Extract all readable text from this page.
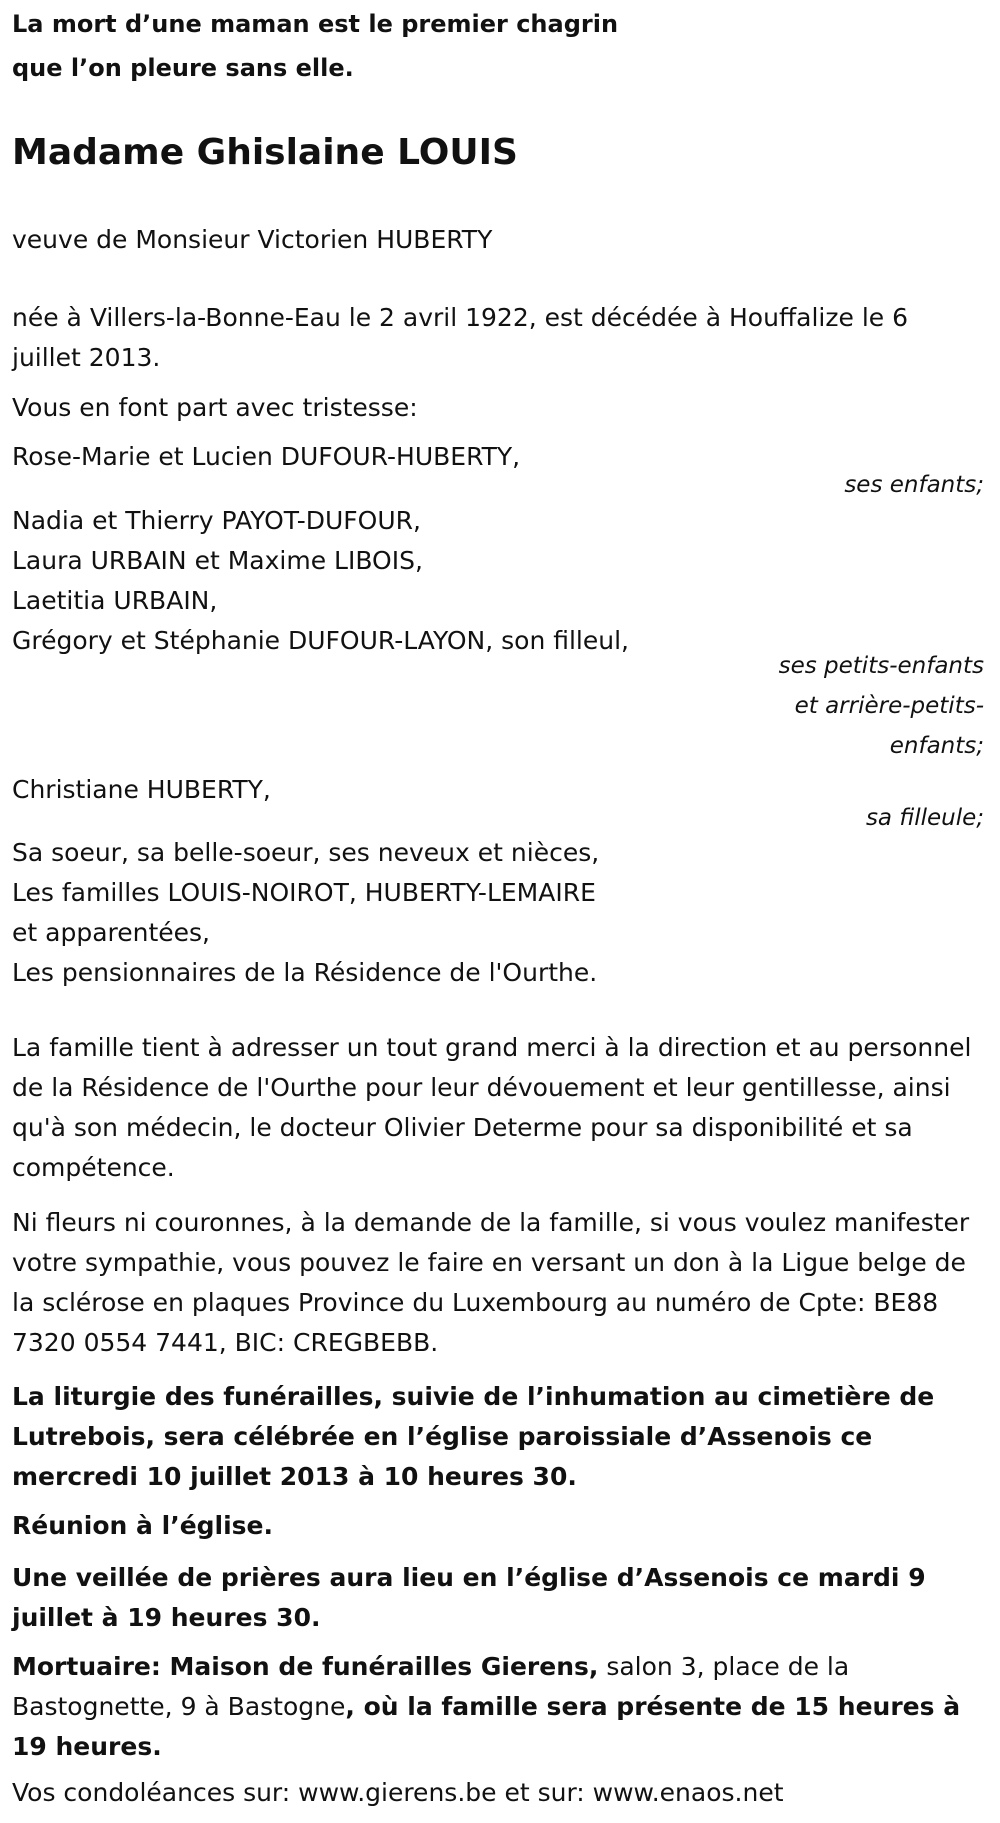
La mort d’une maman est le premier chagrin

que l’on pleure sans elle.

Madame Ghislaine LOUIS

veuve de Monsieur Victorien HUBERTY

née à Villers-la-Bonne-Eau le 2 avril 1922, est décédée à Houffalize le 6 juillet 2013.

Vous en font part avec tristesse:

Rose-Marie et Lucien DUFOUR-HUBERTY,

ses enfants;

Nadia et Thierry PAYOT-DUFOUR,

Laura URBAIN et Maxime LIBOIS,

Laetitia URBAIN,

Grégory et Stéphanie DUFOUR-LAYON, son filleul,

ses petits-enfants

et arrière-petits-

enfants;

Christiane HUBERTY,

sa filleule;

Sa soeur, sa belle-soeur, ses neveux et nièces,

Les familles LOUIS-NOIROT, HUBERTY-LEMAIRE

et apparentées,

Les pensionnaires de la Résidence de l'Ourthe.

La famille tient à adresser un tout grand merci à la direction et au personnel de la Résidence de l'Ourthe pour leur dévouement et leur gentillesse, ainsi qu'à son médecin, le docteur Olivier Determe pour sa disponibilité et sa compétence.

Ni fleurs ni couronnes, à la demande de la famille, si vous voulez manifester votre sympathie, vous pouvez le faire en versant un don à la Ligue belge de la sclérose en plaques Province du Luxembourg au numéro de Cpte: BE88 7320 0554 7441, BIC: CREGBEBB.

La liturgie des funérailles, suivie de l’inhumation au cimetière de Lutrebois, sera célébrée en l’église paroissiale d’Assenois ce mercredi 10 juillet 2013 à 10 heures 30.

Réunion à l’église.

Une veillée de prières aura lieu en l’église d’Assenois ce mardi 9 juillet à 19 heures 30.

Mortuaire: Maison de funérailles Gierens, salon 3, place de la Bastognette, 9 à Bastogne, où la famille sera présente de 15 heures à 19 heures.

Vos condoléances sur: www.gierens.be et sur: www.enaos.net
